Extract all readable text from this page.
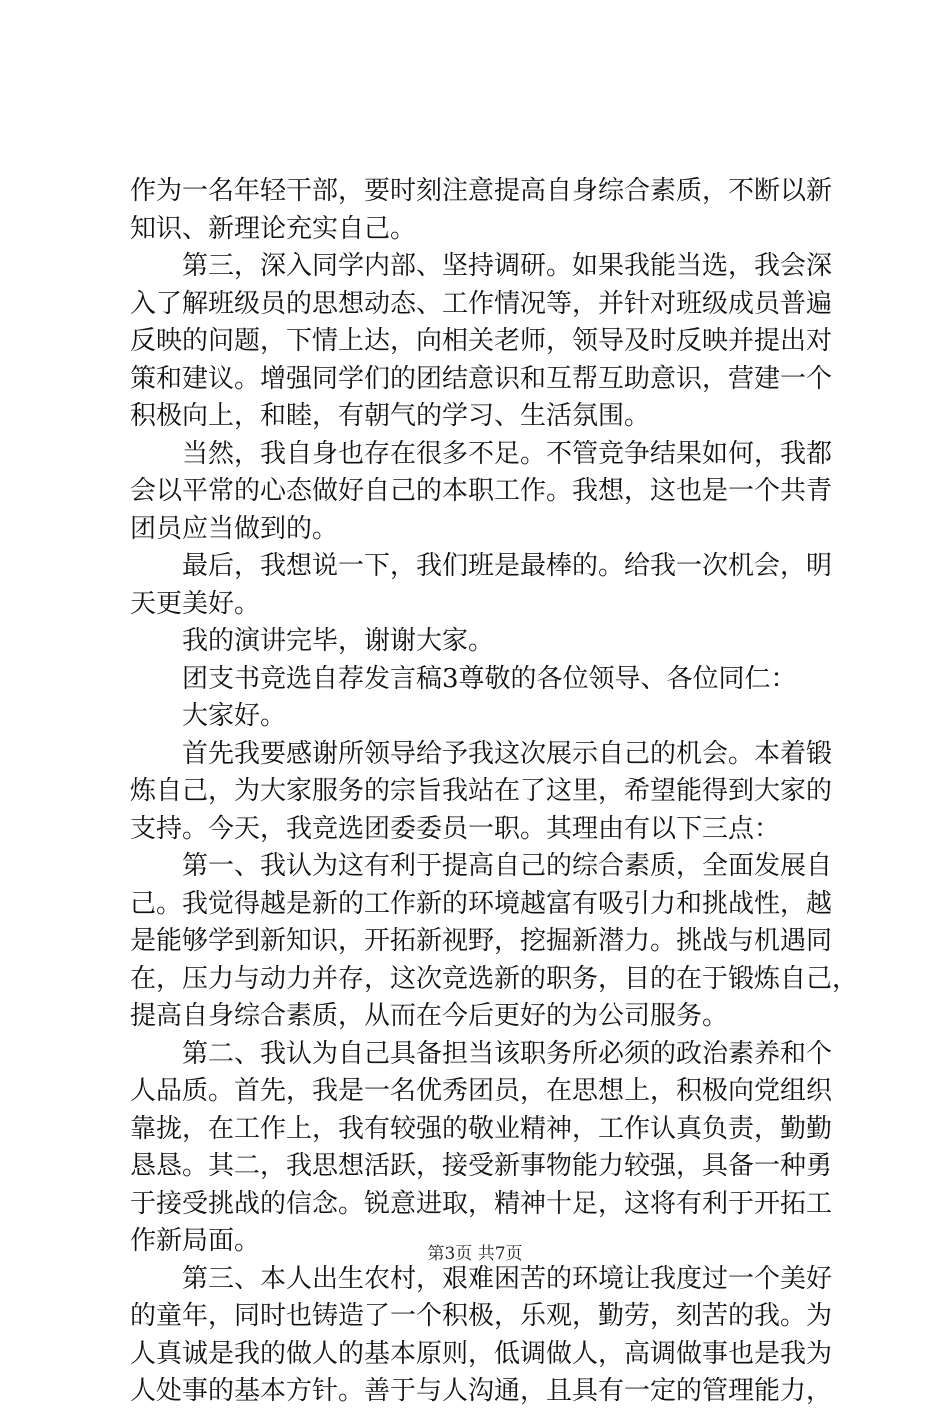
作为一名年轻干部，要时刻注意提高自身综合素质，不断以新
知识、新理论充实自己。
第三，深入同学内部、坚持调研。如果我能当选，我会深
入了解班级员的思想动态、工作情况等，并针对班级成员普遍
反映的问题，下情上达，向相关老师，领导及时反映并提出对
策和建议。增强同学们的团结意识和互帮互助意识，营建一个
积极向上，和睦，有朝气的学习、生活氛围。
当然，我自身也存在很多不足。不管竞争结果如何，我都
会以平常的心态做好自己的本职工作。我想，这也是一个共青
团员应当做到的。
最后，我想说一下，我们班是最棒的。给我一次机会，明
天更美好。
我的演讲完毕，谢谢大家。
团支书竞选自荐发言稿3尊敬的各位领导、各位同仁：
大家好。
首先我要感谢所领导给予我这次展示自己的机会。本着锻
炼自己，为大家服务的宗旨我站在了这里，希望能得到大家的
支持。今天，我竞选团委委员一职。其理由有以下三点：
第一、我认为这有利于提高自己的综合素质，全面发展自
己。我觉得越是新的工作新的环境越富有吸引力和挑战性，越
是能够学到新知识，开拓新视野，挖掘新潜力。挑战与机遇同
在，压力与动力并存，这次竞选新的职务，目的在于锻炼自己，
提高自身综合素质，从而在今后更好的为公司服务。
第二、我认为自己具备担当该职务所必须的政治素养和个
人品质。首先，我是一名优秀团员，在思想上，积极向党组织
靠拢，在工作上，我有较强的敬业精神，工作认真负责，勤勤
恳恳。其二，我思想活跃，接受新事物能力较强，具备一种勇
于接受挑战的信念。锐意进取，精神十足，这将有利于开拓工
作新局面。
第三、本人出生农村，艰难困苦的环境让我度过一个美好
的童年，同时也铸造了一个积极，乐观，勤劳，刻苦的我。为
人真诚是我的做人的基本原则，低调做人，高调做事也是我为
人处事的基本方针。善于与人沟通，且具有一定的管理能力，
第3页 共7页
